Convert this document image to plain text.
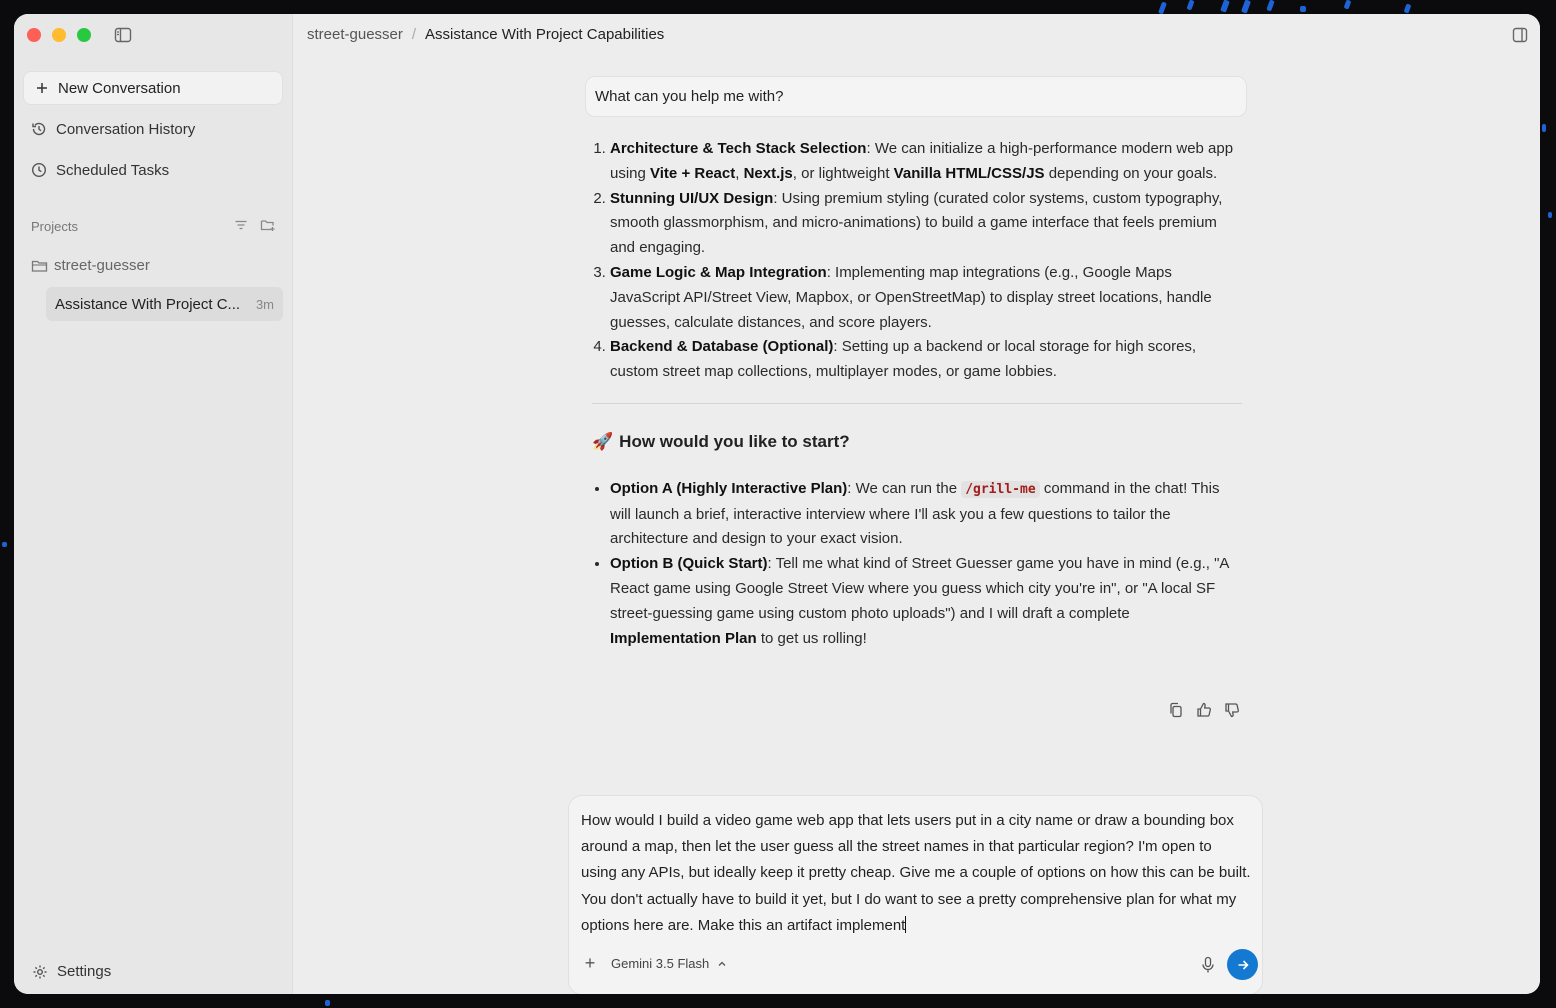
New Conversation
Conversation History
Scheduled Tasks
Projects
street-guesser
Assistance With Project C... 3m
Settings
street-guesser / Assistance With Project Capabilities
What can you help me with?
1. Architecture & Tech Stack Selection: We can initialize a high-performance modern web app using Vite + React, Next.js, or lightweight Vanilla HTML/CSS/JS depending on your goals.
2. Stunning UI/UX Design: Using premium styling (curated color systems, custom typography, smooth glassmorphism, and micro-animations) to build a game interface that feels premium and engaging.
3. Game Logic & Map Integration: Implementing map integrations (e.g., Google Maps JavaScript API/Street View, Mapbox, or OpenStreetMap) to display street locations, handle guesses, calculate distances, and score players.
4. Backend & Database (Optional): Setting up a backend or local storage for high scores, custom street map collections, multiplayer modes, or game lobbies.
🚀 How would you like to start?
• Option A (Highly Interactive Plan): We can run the /grill-me command in the chat! This will launch a brief, interactive interview where I'll ask you a few questions to tailor the architecture and design to your exact vision.
• Option B (Quick Start): Tell me what kind of Street Guesser game you have in mind (e.g., "A React game using Google Street View where you guess which city you're in", or "A local SF street-guessing game using custom photo uploads") and I will draft a complete Implementation Plan to get us rolling!
How would I build a video game web app that lets users put in a city name or draw a bounding box around a map, then let the user guess all the street names in that particular region? I'm open to using any APIs, but ideally keep it pretty cheap. Give me a couple of options on how this can be built. You don't actually have to build it yet, but I do want to see a pretty comprehensive plan for what my options here are. Make this an artifact implement
+ Gemini 3.5 Flash
